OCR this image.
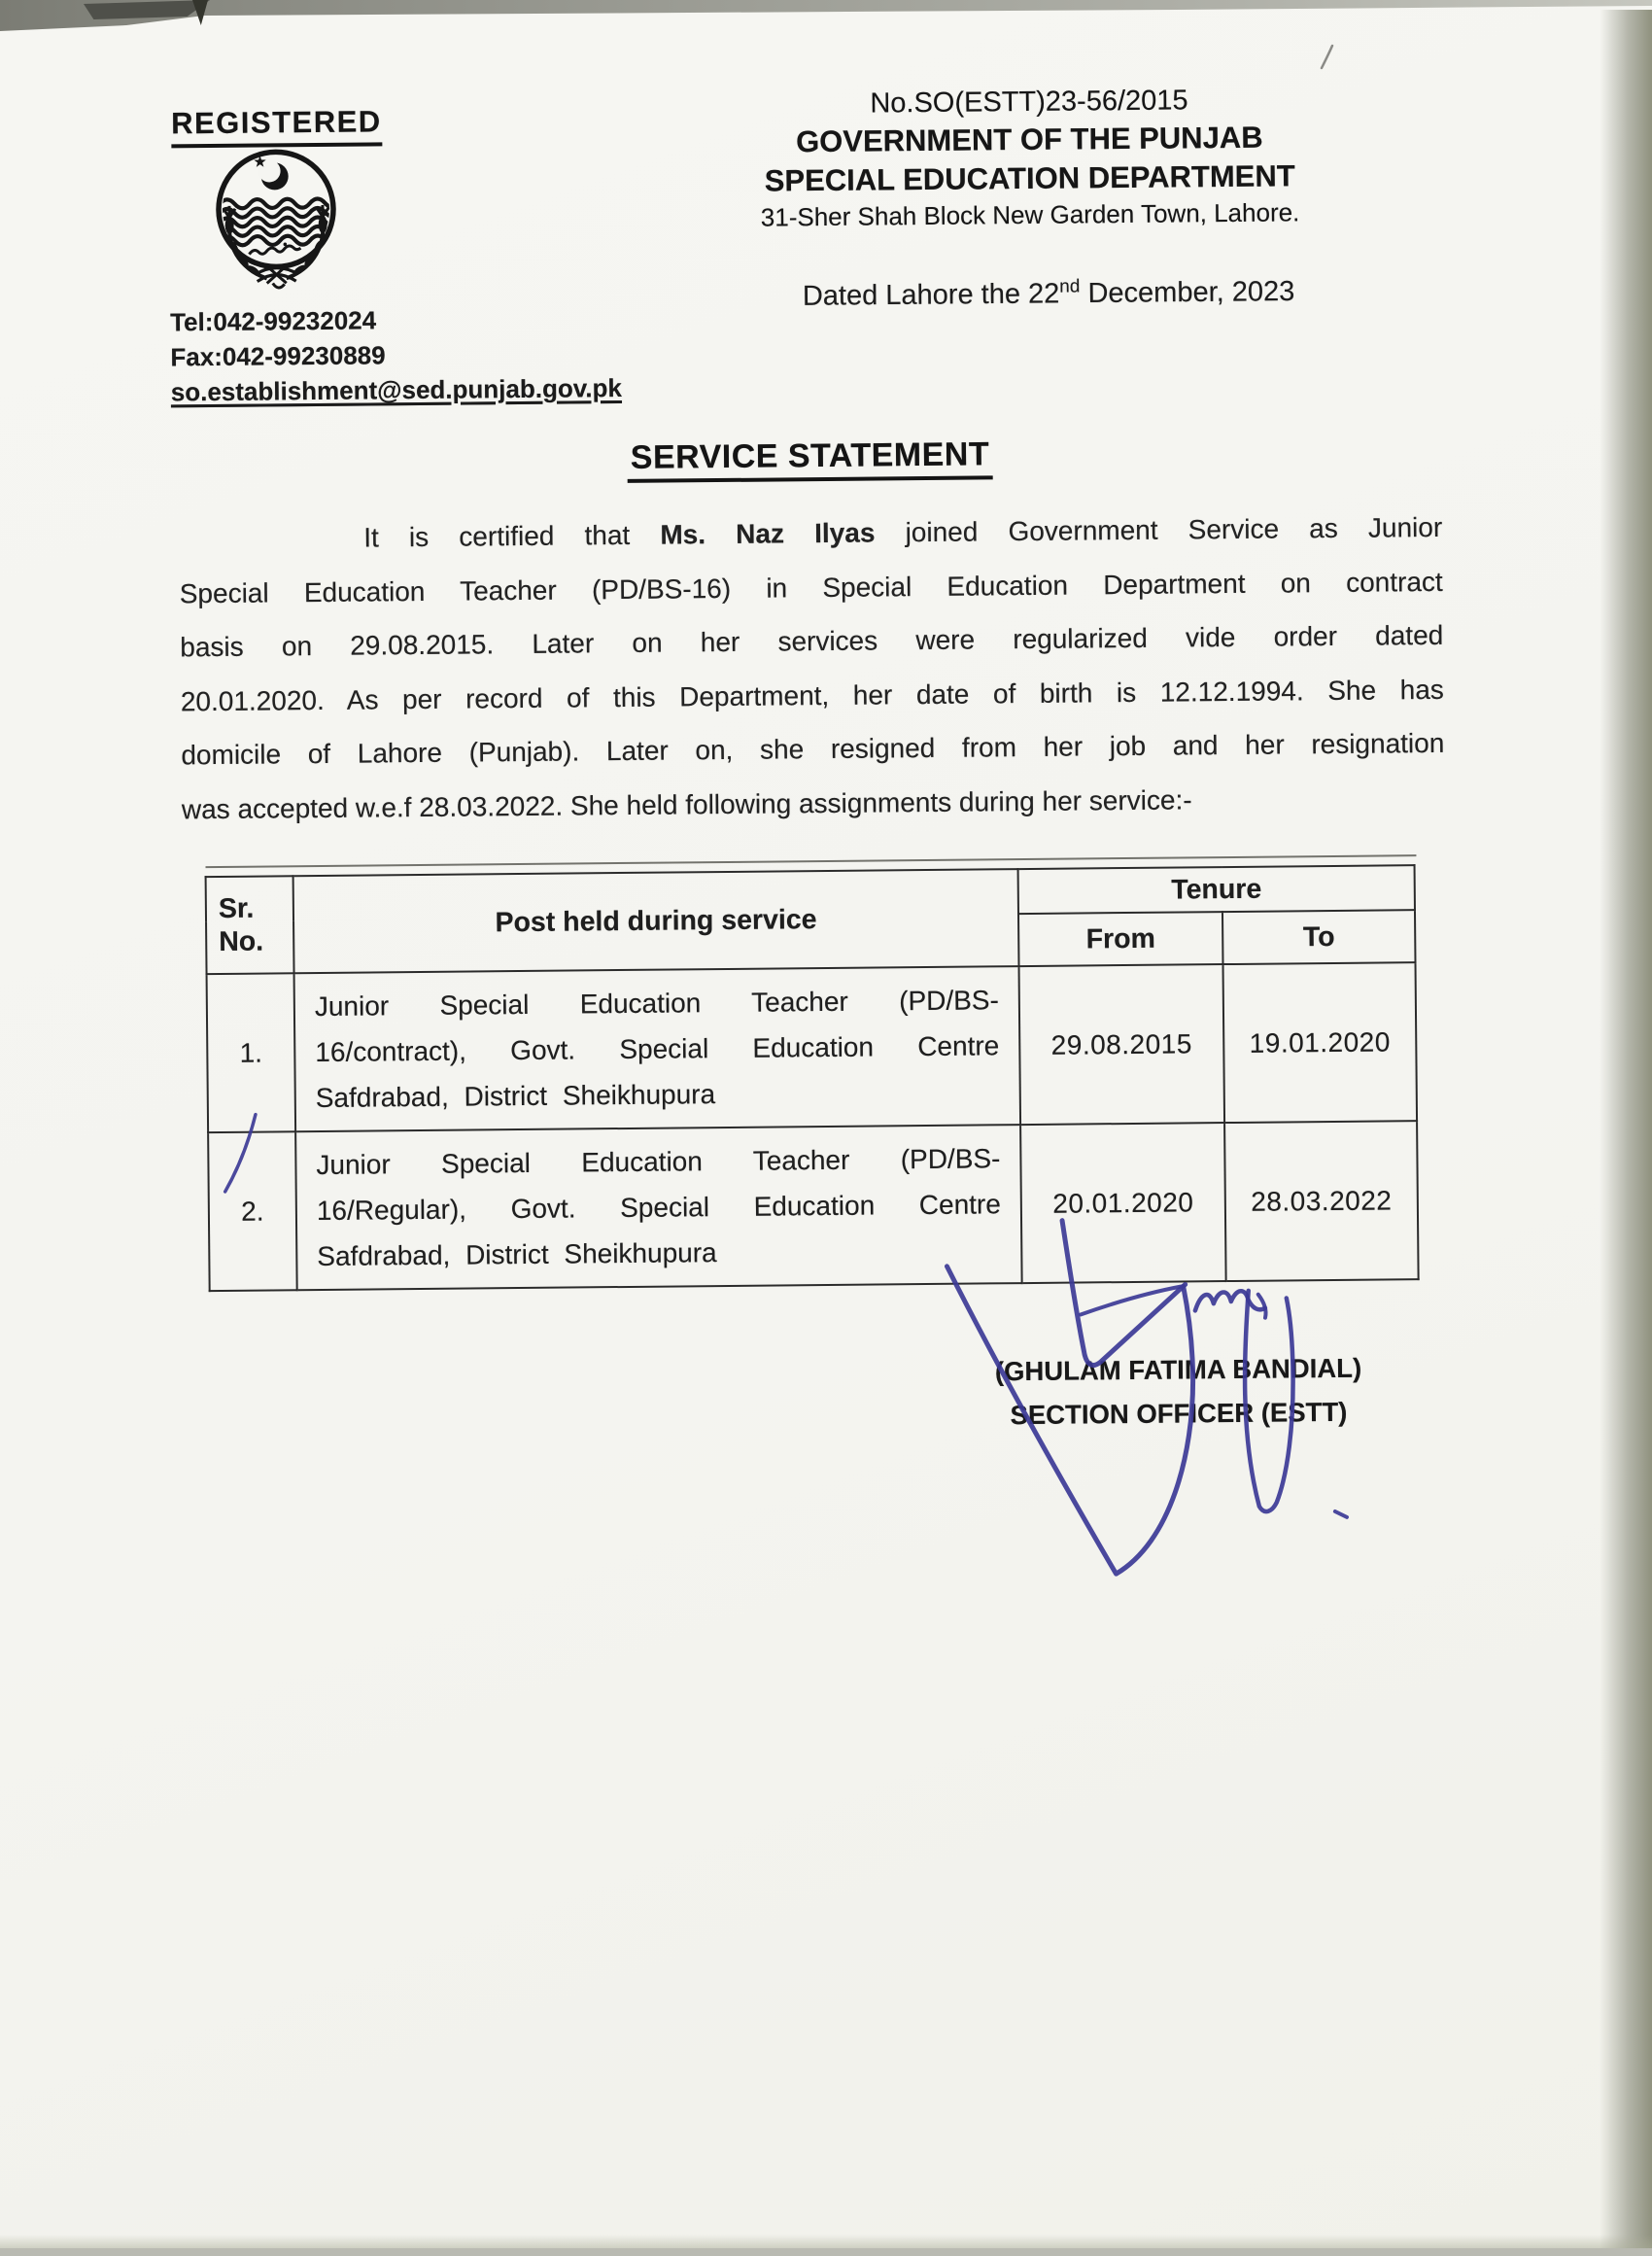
REGISTERED
Tel:042-99232024
Fax:042-99230889
so.establishment@sed.punjab.gov.pk
No.SO(ESTT)23-56/2015
GOVERNMENT OF THE PUNJAB
SPECIAL EDUCATION DEPARTMENT
31-Sher Shah Block New Garden Town, Lahore.
Dated Lahore the 22nd December, 2023
SERVICE STATEMENT
It is certified that Ms. Naz Ilyas joined Government Service as Junior
Special Education Teacher (PD/BS-16) in Special Education Department on contract
basis on 29.08.2015. Later on her services were regularized vide order dated
20.01.2020. As per record of this Department, her date of birth is 12.12.1994. She has
domicile of Lahore (Punjab). Later on, she resigned from her job and her resignation
was accepted w.e.f 28.03.2022. She held following assignments during her service:-
Sr.
No.	Post held during service	Tenure	
		From	To
1.	Junior Special Education Teacher (PD/BS-16/contract), Govt. Special Education Centre Safdrabad, District Sheikhupura	29.08.2015	19.01.2020
2.	Junior Special Education Teacher (PD/BS-16/Regular), Govt. Special Education Centre Safdrabad, District Sheikhupura	20.01.2020	28.03.2022
(GHULAM FATIMA BANDIAL)
SECTION OFFICER (ESTT)
